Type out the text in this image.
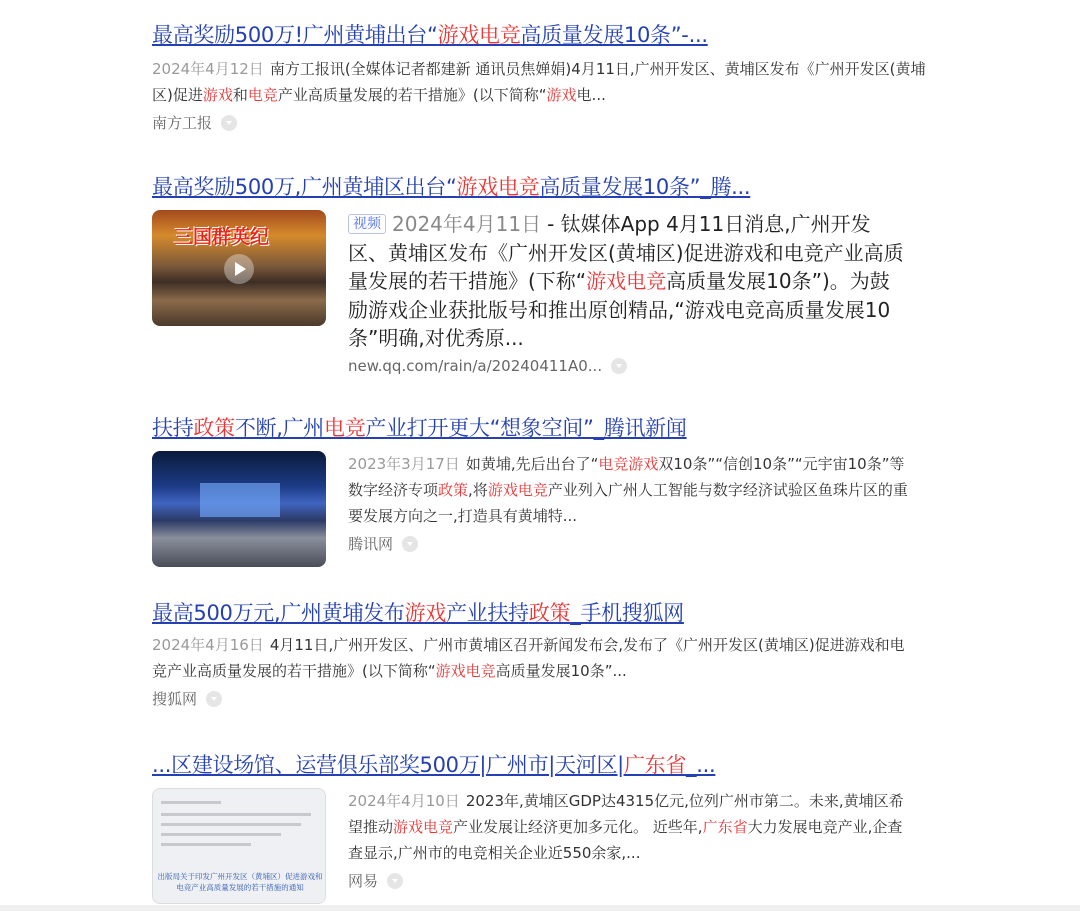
最高奖励500万!广州黄埔出台“游戏电竞高质量发展10条”-...
2024年4月12日 南方工报讯(全媒体记者都建新 通讯员焦婵娟)4月11日,广州开发区、黄埔区发布《广州开发区(黄埔区)促进游戏和电竞产业高质量发展的若干措施》(以下简称“游戏电...
南方工报
最高奖励500万,广州黄埔区出台“游戏电竞高质量发展10条”_腾...
三国群英纪
视频 2024年4月11日 - 钛媒体App 4月11日消息,广州开发区、黄埔区发布《广州开发区(黄埔区)促进游戏和电竞产业高质量发展的若干措施》(下称“游戏电竞高质量发展10条”)。为鼓励游戏企业获批版号和推出原创精品,“游戏电竞高质量发展10条”明确,对优秀原...
new.qq.com/rain/a/20240411A0...
扶持政策不断,广州电竞产业打开更大“想象空间”_腾讯新闻
2023年3月17日 如黄埔,先后出台了“电竞游戏双10条”“信创10条”“元宇宙10条”等数字经济专项政策,将游戏电竞产业列入广州人工智能与数字经济试验区鱼珠片区的重要发展方向之一,打造具有黄埔特...
腾讯网
最高500万元,广州黄埔发布游戏产业扶持政策_手机搜狐网
2024年4月16日 4月11日,广州开发区、广州市黄埔区召开新闻发布会,发布了《广州开发区(黄埔区)促进游戏和电竞产业高质量发展的若干措施》(以下简称“游戏电竞高质量发展10条”...
搜狐网
...区建设场馆、运营俱乐部奖500万|广州市|天河区|广东省_...
出版局关于印发广州开发区（黄埔区）促进游戏和电竞产业高质量发展的若干措施的通知
2024年4月10日 2023年,黄埔区GDP达4315亿元,位列广州市第二。未来,黄埔区希望推动游戏电竞产业发展让经济更加多元化。 近些年,广东省大力发展电竞产业,企查查显示,广州市的电竞相关企业近550余家,...
网易
